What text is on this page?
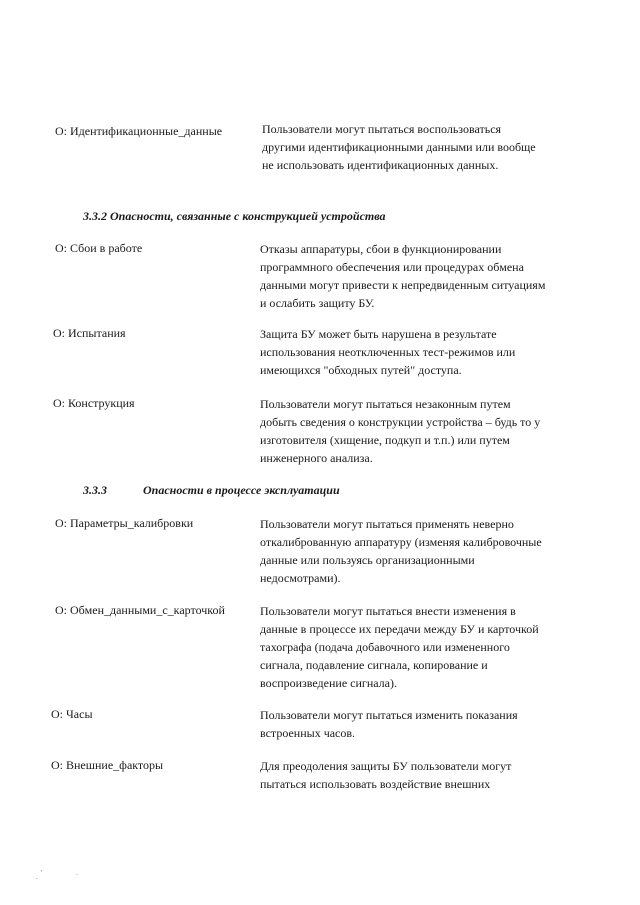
О: Идентификационные_данные	Пользователи могут пытаться воспользоваться другими идентификационными данными или вообще не использовать идентификационных данных.
3.3.2 Опасности, связанные с конструкцией устройства
О: Сбои в работе	Отказы аппаратуры, сбои в функционировании программного обеспечения или процедурах обмена данными могут привести к непредвиденным ситуациям и ослабить защиту БУ.
О: Испытания	Защита БУ может быть нарушена в результате использования неотключенных тест-режимов или имеющихся "обходных путей" доступа.
О: Конструкция	Пользователи могут пытаться незаконным путем добыть сведения о конструкции устройства – будь то у изготовителя (хищение, подкуп и т.п.) или путем инженерного анализа.
3.3.3	Опасности в процессе эксплуатации
О: Параметры_калибровки	Пользователи могут пытаться применять неверно откалиброванную аппаратуру (изменяя калибровочные данные или пользуясь организационными недосмотрами).
О: Обмен_данными_с_карточкой	Пользователи могут пытаться внести изменения в данные в процессе их передачи между БУ и карточкой тахографа (подача добавочного или измененного сигнала, подавление сигнала, копирование и воспроизведение сигнала).
О: Часы	Пользователи могут пытаться изменить показания встроенных часов.
О: Внешние_факторы	Для преодоления защиты БУ пользователи могут пытаться использовать воздействие внешних
. '	.
